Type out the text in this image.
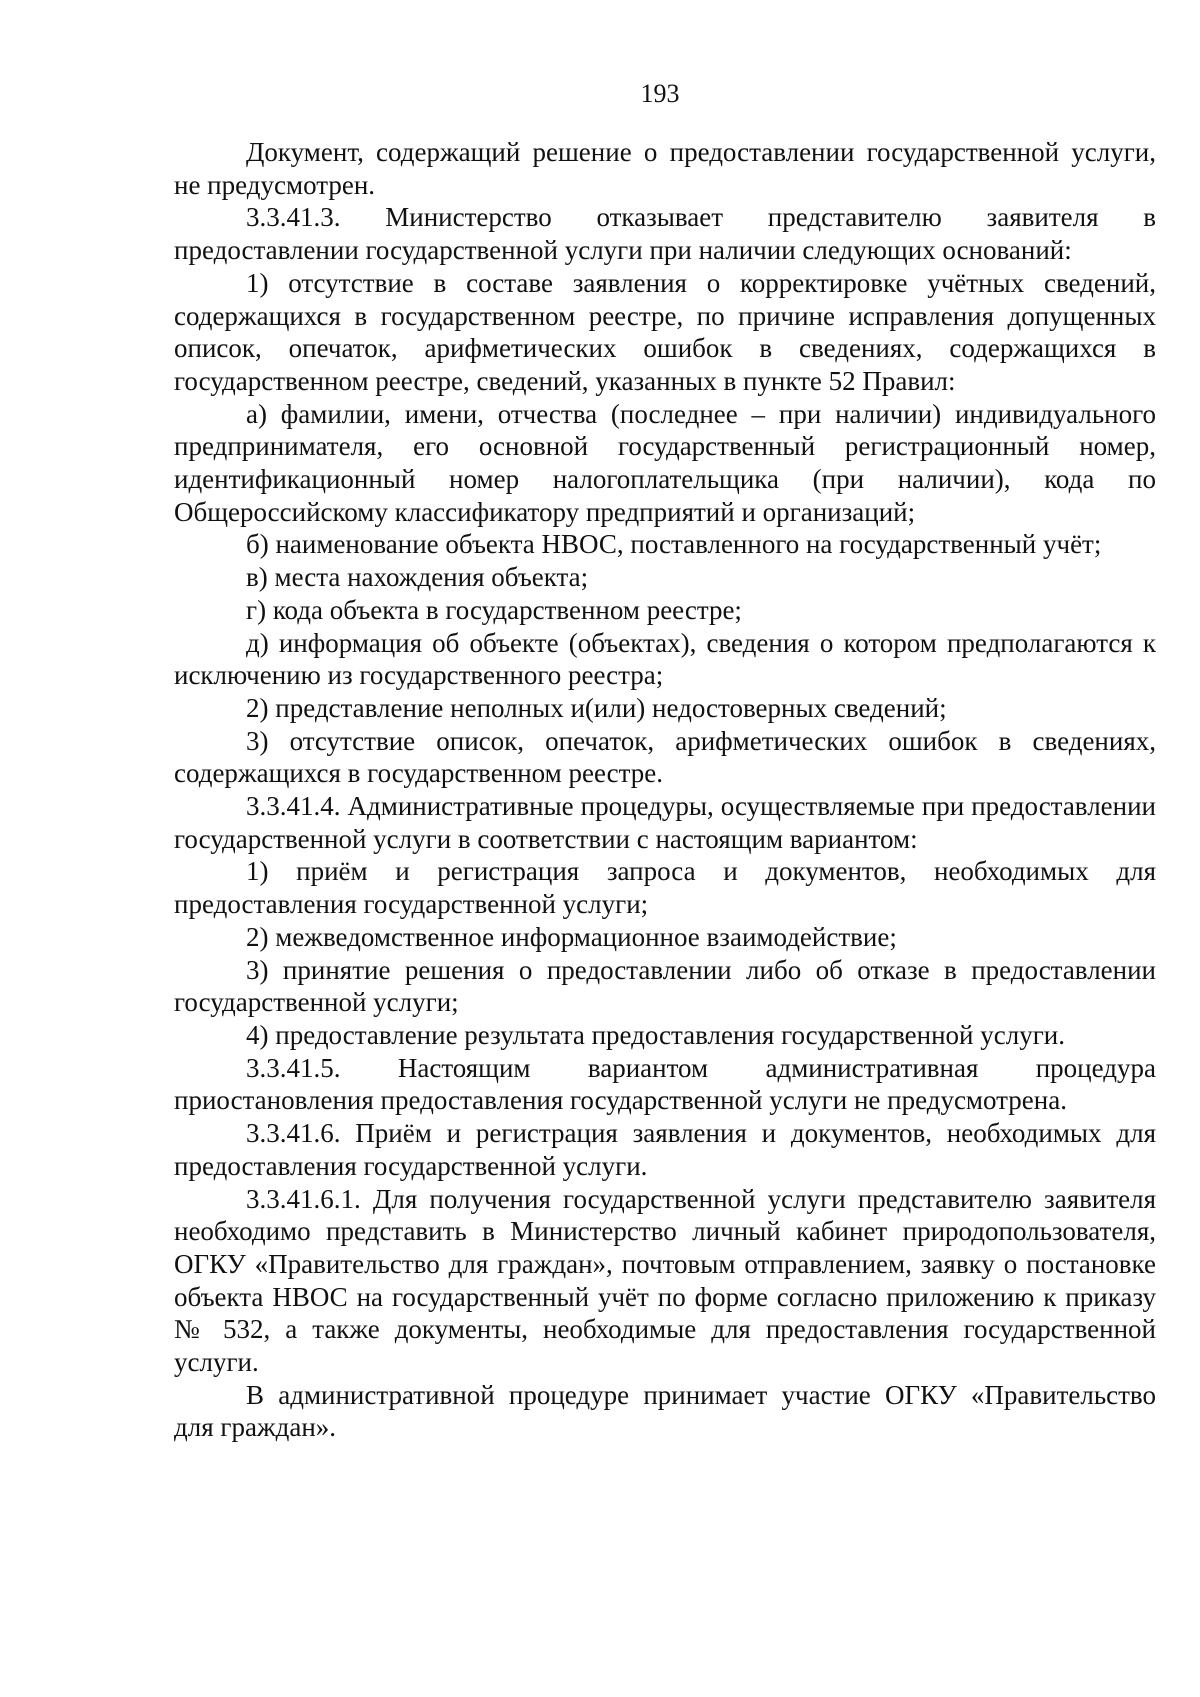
193

Документ, содержащий решение о предоставлении государственной услуги, не предусмотрен.

3.3.41.3. Министерство отказывает представителю заявителя в предоставлении государственной услуги при наличии следующих оснований:

1) отсутствие в составе заявления о корректировке учётных сведений, содержащихся в государственном реестре, по причине исправления допущенных описок, опечаток, арифметических ошибок в сведениях, содержащихся в государственном реестре, сведений, указанных в пункте 52 Правил:

а) фамилии, имени, отчества (последнее – при наличии) индивидуального предпринимателя, его основной государственный регистрационный номер, идентификационный номер налогоплательщика (при наличии), кода по Общероссийскому классификатору предприятий и организаций;

б) наименование объекта НВОС, поставленного на государственный учёт;

в) места нахождения объекта;

г) кода объекта в государственном реестре;

д) информация об объекте (объектах), сведения о котором предполагаются к исключению из государственного реестра;

2) представление неполных и(или) недостоверных сведений;

3) отсутствие описок, опечаток, арифметических ошибок в сведениях, содержащихся в государственном реестре.

3.3.41.4. Административные процедуры, осуществляемые при предоставлении государственной услуги в соответствии с настоящим вариантом:

1) приём и регистрация запроса и документов, необходимых для предоставления государственной услуги;

2) межведомственное информационное взаимодействие;

3) принятие решения о предоставлении либо об отказе в предоставлении государственной услуги;

4) предоставление результата предоставления государственной услуги.

3.3.41.5. Настоящим вариантом административная процедура приостановления предоставления государственной услуги не предусмотрена.

3.3.41.6. Приём и регистрация заявления и документов, необходимых для предоставления государственной услуги.

3.3.41.6.1. Для получения государственной услуги представителю заявителя необходимо представить в Министерство личный кабинет природопользователя, ОГКУ «Правительство для граждан», почтовым отправлением, заявку о постановке объекта НВОС на государственный учёт по форме согласно приложению к приказу № 532, а также документы, необходимые для предоставления государственной услуги.

В административной процедуре принимает участие ОГКУ «Правительство для граждан».
